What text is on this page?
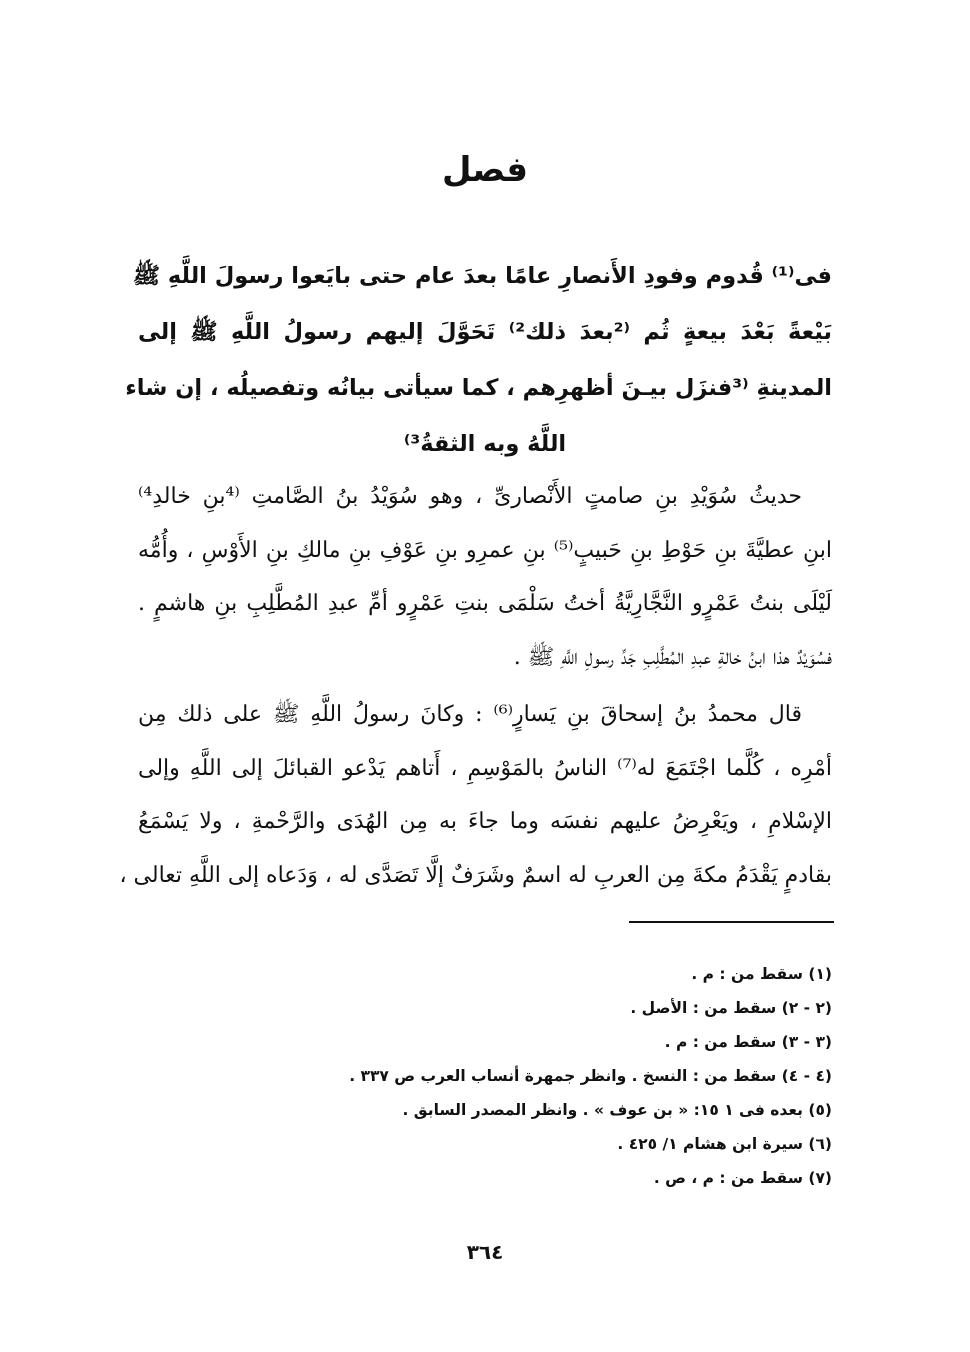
فصل
فى⁽¹⁾ قُدوم وفودِ الأَنصارِ عامًا بعدَ عام حتى بايَعوا رسولَ اللَّهِ ﷺ
بَيْعةً بَعْدَ بيعةٍ ثُم ⁽²بعدَ ذلك²⁾ تَحَوَّلَ إليهم رسولُ اللَّهِ ﷺ إلى
المدينةِ ⁽³فنزَل بيـنَ أظهرِهم ، كما سيأتى بيانُه وتفصيلُه ، إن شاء
اللَّهُ وبه الثقةُ³⁾
حديثُ سُوَيْدِ بنِ صامتٍ الأَنْصارىِّ ، وهو سُوَيْدُ بنُ الصَّامتِ ⁽⁴بنِ خالدِ⁴⁾
ابنِ عطيَّةَ بنِ حَوْطِ بنِ حَبيبٍ⁽⁵⁾ بنِ عمرِو بنِ عَوْفِ بنِ مالكِ بنِ الأَوْسِ ، وأُمُّه
لَيْلَى بنتُ عَمْرٍو النَّجَّارِيَّةُ أختُ سَلْمَى بنتِ عَمْرٍو أمِّ عبدِ المُطَّلِبِ بنِ هاشمٍ .
فسُوَيْدٌ هذا ابنُ خالةِ عبدِ المُطَّلِبِ جَدِّ رسولِ اللَّهِ ﷺ .
قال محمدُ بنُ إسحاقَ بنِ يَسارٍ⁽⁶⁾ : وكانَ رسولُ اللَّهِ ﷺ على ذلك مِن
أمْرِه ، كُلَّما اجْتَمَعَ له⁽⁷⁾ الناسُ بالمَوْسِمِ ، أَتاهم يَدْعو القبائلَ إلى اللَّهِ وإلى
الإسْلامِ ، ويَعْرِضُ عليهم نفسَه وما جاءَ به مِن الهُدَى والرَّحْمةِ ، ولا يَسْمَعُ
بقادمٍ يَقْدَمُ مكةَ مِن العربِ له اسمٌ وشَرَفٌ إلَّا تَصَدَّى له ، وَدَعاه إلى اللَّهِ تعالى ،
(١) سقط من : م .
(٢ - ٢) سقط من : الأصل .
(٣ - ٣) سقط من : م .
(٤ - ٤) سقط من : النسخ . وانظر جمهرة أنساب العرب ص ٣٣٧ .
(٥) بعده فى ١ ١٥: « بن عوف » . وانظر المصدر السابق .
(٦) سيرة ابن هشام ١/ ٤٢٥ .
(٧) سقط من : م ، ص .
٣٦٤
